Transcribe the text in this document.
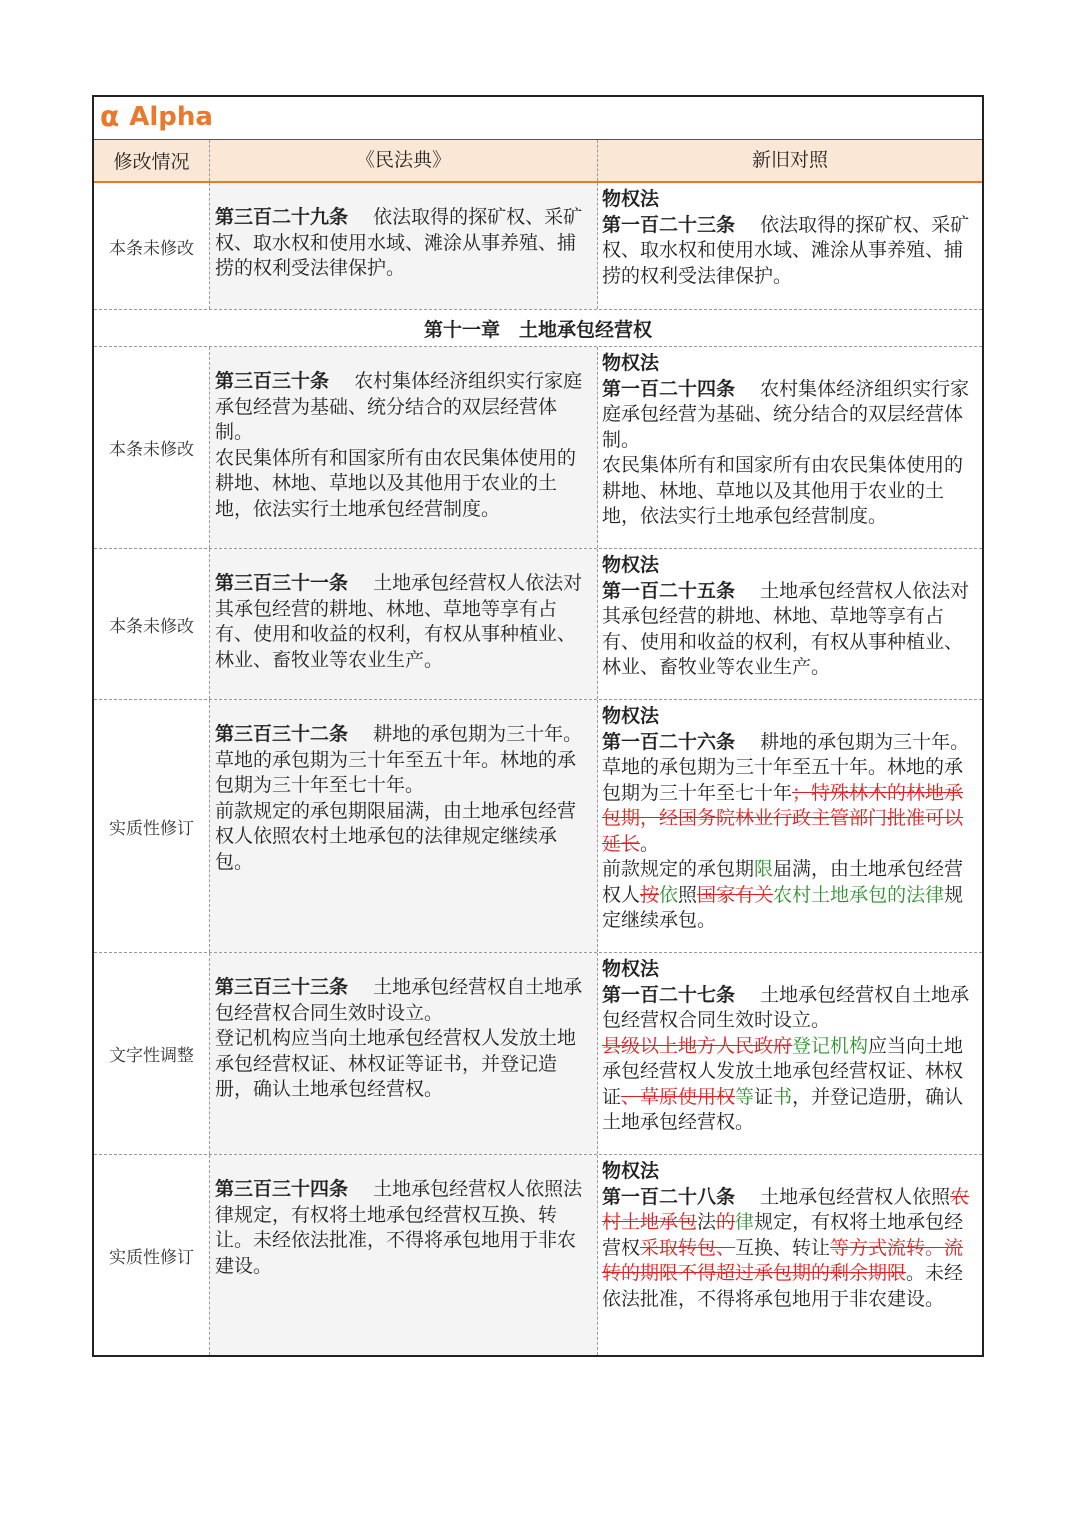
α Alpha
修改情况	《民法典》	新旧对照
本条未修改

第三百二十九条　 依法取得的探矿权、采矿权、取水权和使用水域、滩涂从事养殖、捕捞的权利受法律保护。

物权法

第一百二十三条　 依法取得的探矿权、采矿权、取水权和使用水域、滩涂从事养殖、捕捞的权利受法律保护。

第十一章　土地承包经营权
本条未修改

第三百三十条　 农村集体经济组织实行家庭承包经营为基础、统分结合的双层经营体制。

农民集体所有和国家所有由农民集体使用的耕地、林地、草地以及其他用于农业的土地，依法实行土地承包经营制度。

物权法

第一百二十四条　 农村集体经济组织实行家庭承包经营为基础、统分结合的双层经营体制。

农民集体所有和国家所有由农民集体使用的耕地、林地、草地以及其他用于农业的土地，依法实行土地承包经营制度。

本条未修改

第三百三十一条　 土地承包经营权人依法对其承包经营的耕地、林地、草地等享有占有、使用和收益的权利，有权从事种植业、林业、畜牧业等农业生产。

物权法

第一百二十五条　 土地承包经营权人依法对其承包经营的耕地、林地、草地等享有占有、使用和收益的权利，有权从事种植业、林业、畜牧业等农业生产。

实质性修订

第三百三十二条　 耕地的承包期为三十年。草地的承包期为三十年至五十年。林地的承包期为三十年至七十年。

前款规定的承包期限届满，由土地承包经营权人依照农村土地承包的法律规定继续承包。

物权法

第一百二十六条　 耕地的承包期为三十年。草地的承包期为三十年至五十年。林地的承包期为三十年至七十年；特殊林木的林地承包期，经国务院林业行政主管部门批准可以延长。

前款规定的承包期限届满，由土地承包经营权人按依照国家有关农村土地承包的法律规定继续承包。

文字性调整

第三百三十三条　 土地承包经营权自土地承包经营权合同生效时设立。

登记机构应当向土地承包经营权人发放土地承包经营权证、林权证等证书，并登记造册，确认土地承包经营权。

物权法

第一百二十七条　 土地承包经营权自土地承包经营权合同生效时设立。

县级以上地方人民政府登记机构应当向土地承包经营权人发放土地承包经营权证、林权证、草原使用权等证书，并登记造册，确认土地承包经营权。

实质性修订

第三百三十四条　 土地承包经营权人依照法律规定，有权将土地承包经营权互换、转让。未经依法批准，不得将承包地用于非农建设。

物权法

第一百二十八条　 土地承包经营权人依照农村土地承包法的律规定，有权将土地承包经营权采取转包、互换、转让等方式流转。流转的期限不得超过承包期的剩余期限。未经依法批准，不得将承包地用于非农建设。
